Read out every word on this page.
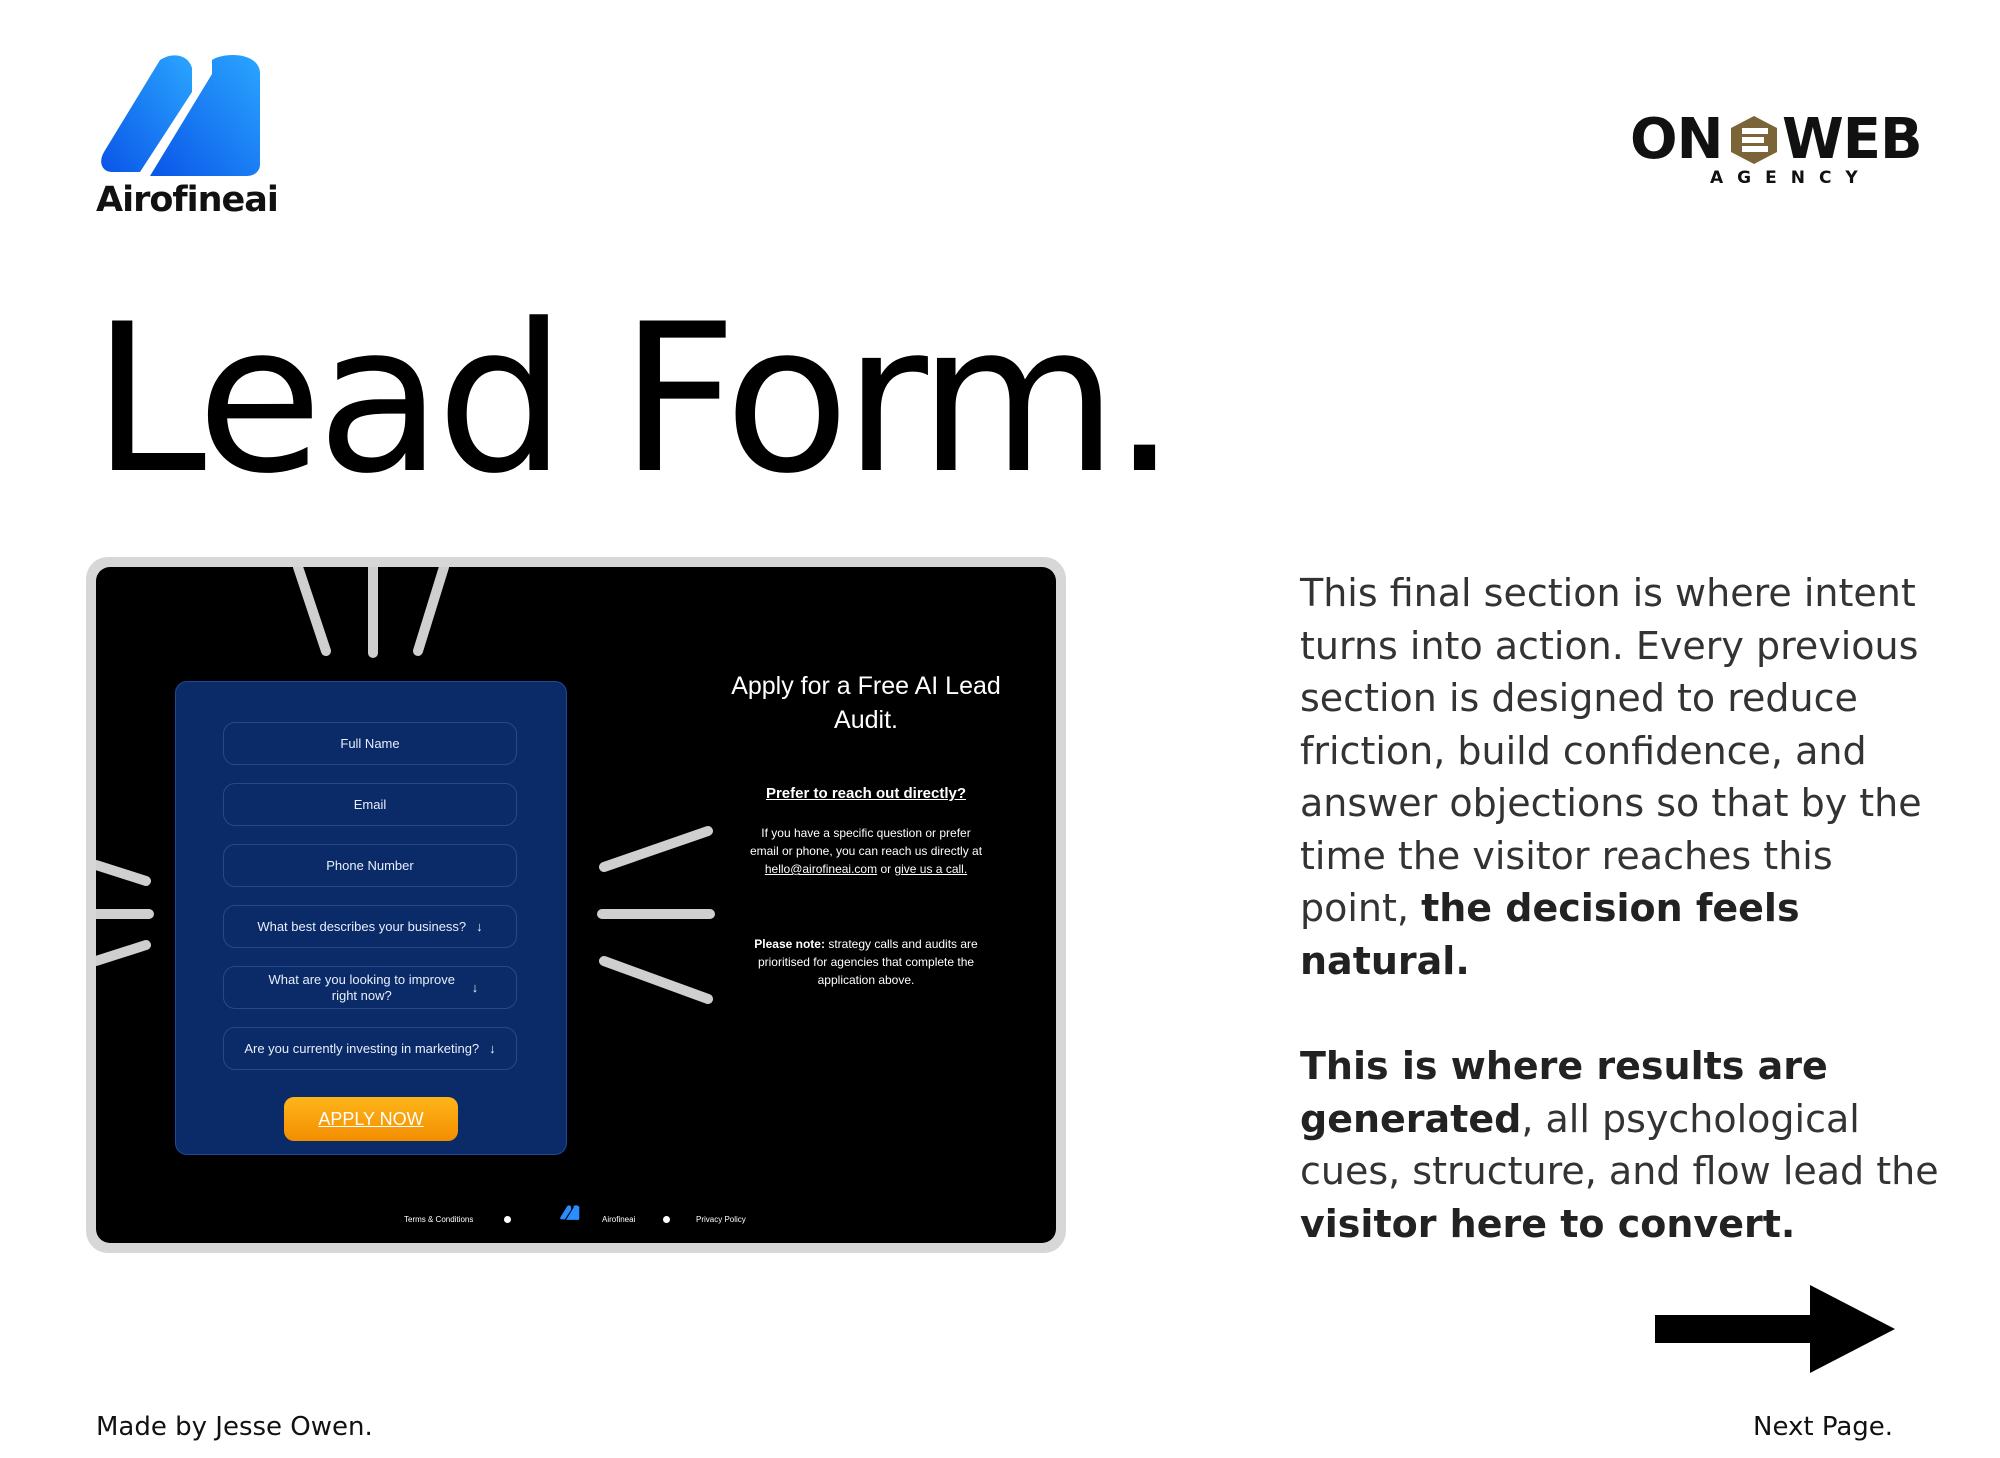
Airofineai
ON WEB
AGENCY
Lead Form.
Full Name
Email
Phone Number
What best describes your business? ↓
What are you looking to improve right now?	↓
Are you currently investing in marketing? ↓
APPLY NOW
Apply for a Free AI Lead Audit.
Prefer to reach out directly?
If you have a specific question or prefer email or phone, you can reach us directly at hello@airofineai.com or give us a call.
Please note: strategy calls and audits are prioritised for agencies that complete the application above.
Terms & Conditions	Airofineai	Privacy Policy
This final section is where intent turns into action. Every previous section is designed to reduce friction, build confidence, and answer objections so that by the time the visitor reaches this point, the decision feels natural.
This is where results are generated, all psychological cues, structure, and flow lead the visitor here to convert.
Made by Jesse Owen.	Next Page.
